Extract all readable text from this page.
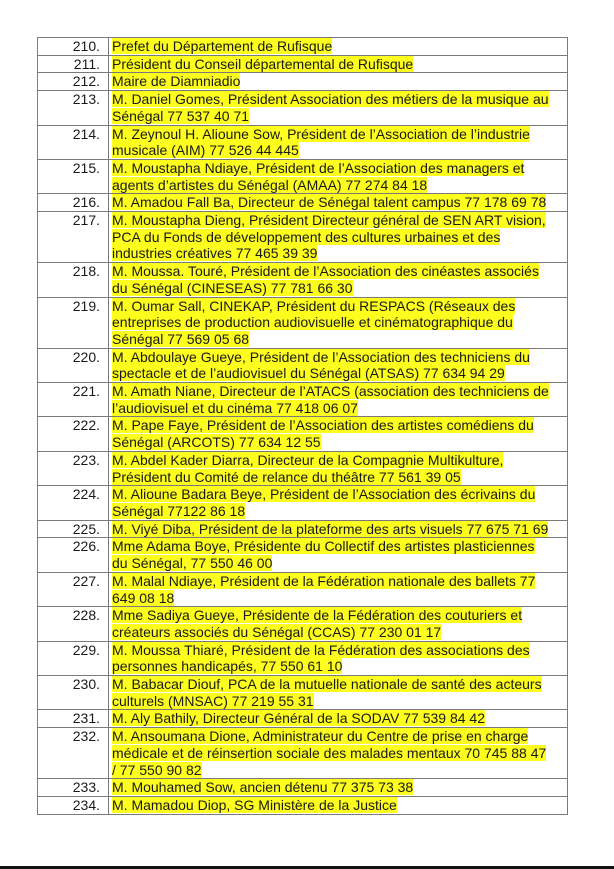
210.	Prefet du Département de Rufisque

211.	Président du Conseil départemental de Rufisque

212.	Maire de Diamniadio

213.	M. Daniel Gomes, Président Association des métiers de la musique au
Sénégal 77 537 40 71

214.	M. Zeynoul H. Alioune Sow, Président de l’Association de l’industrie
musicale (AIM) 77 526 44 445

215.	M. Moustapha Ndiaye, Président de l’Association des managers et
agents d’artistes du Sénégal (AMAA) 77 274 84 18

216.	M. Amadou Fall Ba, Directeur de Sénégal talent campus 77 178 69 78

217.	M. Moustapha Dieng, Président Directeur général de SEN ART vision,
PCA du Fonds de développement des cultures urbaines et des
industries créatives 77 465 39 39

218.	M. Moussa. Touré, Président de l’Association des cinéastes associés
du Sénégal (CINESEAS) 77 781 66 30

219.	M. Oumar Sall, CINEKAP, Président du RESPACS (Réseaux des
entreprises de production audiovisuelle et cinématographique du
Sénégal 77 569 05 68

220.	M. Abdoulaye Gueye, Président de l’Association des techniciens du
spectacle et de l’audiovisuel du Sénégal (ATSAS) 77 634 94 29

221.	M. Amath Niane, Directeur de l’ATACS (association des techniciens de
l’audiovisuel et du cinéma 77 418 06 07

222.	M. Pape Faye, Président de l’Association des artistes comédiens du
Sénégal (ARCOTS) 77 634 12 55

223.	M. Abdel Kader Diarra, Directeur de la Compagnie Multikulture,
Président du Comité de relance du théâtre 77 561 39 05

224.	M. Alioune Badara Beye, Président de l’Association des écrivains du
Sénégal 77122 86 18

225.	M. Viyé Diba, Président de la plateforme des arts visuels 77 675 71 69

226.	Mme Adama Boye, Présidente du Collectif des artistes plasticiennes
du Sénégal, 77 550 46 00

227.	M. Malal Ndiaye, Président de la Fédération nationale des ballets 77
649 08 18

228.	Mme Sadiya Gueye, Présidente de la Fédération des couturiers et
créateurs associés du Sénégal (CCAS) 77 230 01 17

229.	M. Moussa Thiaré, Président de la Fédération des associations des
personnes handicapés, 77 550 61 10

230.	M. Babacar Diouf, PCA de la mutuelle nationale de santé des acteurs
culturels (MNSAC) 77 219 55 31

231.	M. Aly Bathily, Directeur Général de la SODAV 77 539 84 42

232.	M. Ansoumana Dione, Administrateur du Centre de prise en charge
médicale et de réinsertion sociale des malades mentaux 70 745 88 47
/ 77 550 90 82

233.	M. Mouhamed Sow, ancien détenu 77 375 73 38

234.	M. Mamadou Diop, SG Ministère de la Justice
